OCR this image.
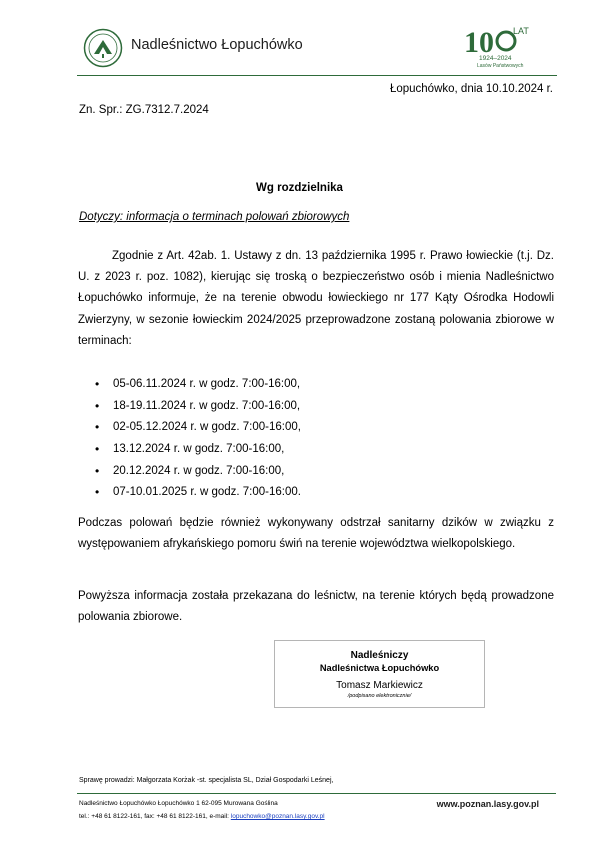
Nadleśnictwo Łopuchówko	10 LAT
1924–2024
Lasów Państwowych
Łopuchówko, dnia 10.10.2024 r.
Zn. Spr.: ZG.7312.7.2024
Wg rozdzielnika
Dotyczy: informacja o terminach polowań zbiorowych
Zgodnie z Art. 42ab. 1. Ustawy z dn. 13 października 1995 r. Prawo łowieckie (t.j. Dz. U. z 2023 r. poz. 1082), kierując się troską o bezpieczeństwo osób i mienia Nadleśnictwo Łopuchówko informuje, że na terenie obwodu łowieckiego nr 177 Kąty Ośrodka Hodowli Zwierzyny, w sezonie łowieckim 2024/2025 przeprowadzone zostaną polowania zbiorowe w terminach:
• 05-06.11.2024 r. w godz. 7:00-16:00,
• 18-19.11.2024 r. w godz. 7:00-16:00,
• 02-05.12.2024 r. w godz. 7:00-16:00,
• 13.12.2024 r. w godz. 7:00-16:00,
• 20.12.2024 r. w godz. 7:00-16:00,
• 07-10.01.2025 r. w godz. 7:00-16:00.
Podczas polowań będzie również wykonywany odstrzał sanitarny dzików w związku z występowaniem afrykańskiego pomoru świń na terenie województwa wielkopolskiego.
Powyższa informacja została przekazana do leśnictw, na terenie których będą prowadzone polowania zbiorowe.
Nadleśniczy
Nadleśnictwa Łopuchówko
Tomasz Markiewicz
/podpisano elektronicznie/
Sprawę prowadzi: Małgorzata Korżak -st. specjalista SL, Dział Gospodarki Leśnej,
Nadleśnictwo Łopuchówko Łopuchówko 1 62-095 Murowana Goślina
tel.: +48 61 8122-161, fax: +48 61 8122-161, e-mail: lopuchowko@poznan.lasy.gov.pl
www.poznan.lasy.gov.pl
